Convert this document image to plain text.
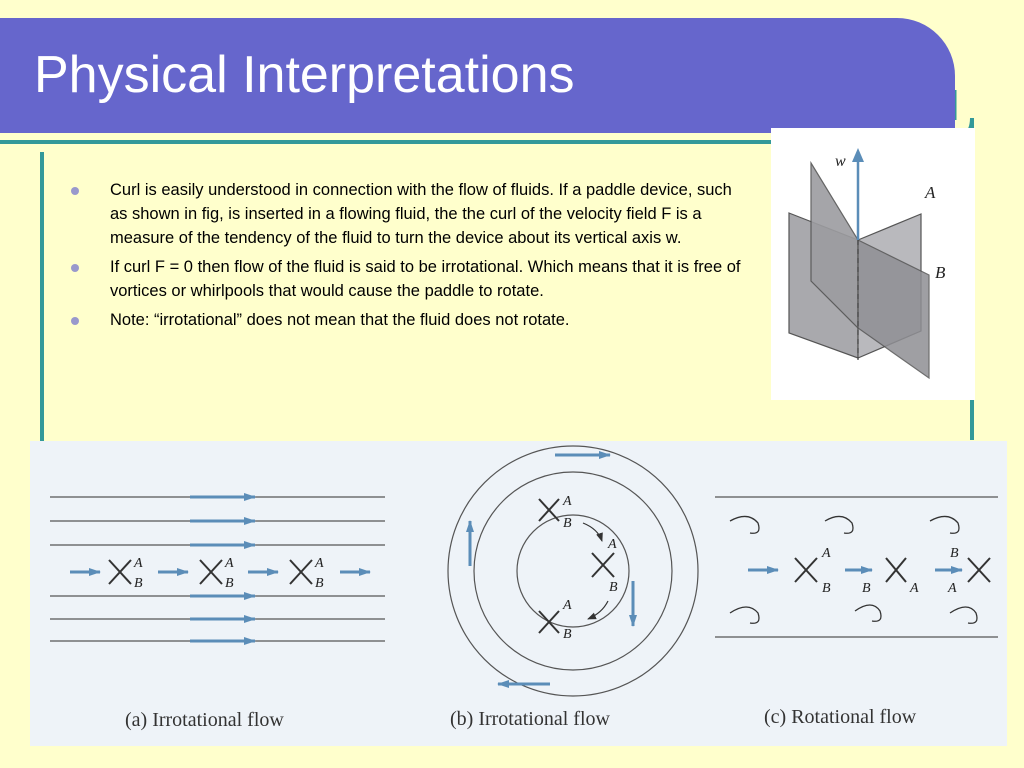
Physical Interpretations
Curl is easily understood in connection with the flow of fluids. If a paddle device, such as shown in fig, is inserted in a flowing fluid, the the curl of the velocity field F is a measure of the tendency of the fluid to turn the device about its vertical axis w.
If curl F = 0 then flow of the fluid is said to be irrotational. Which means that it is free of vortices or whirlpools that would cause the paddle to rotate.
Note: “irrotational” does not mean that the fluid does not rotate.
w
A
B
A
B
A
B
A
B
(a) Irrotational flow
A
B
A
B
A
B
(b) Irrotational flow
A
B B	A
B
A
(c) Rotational flow
